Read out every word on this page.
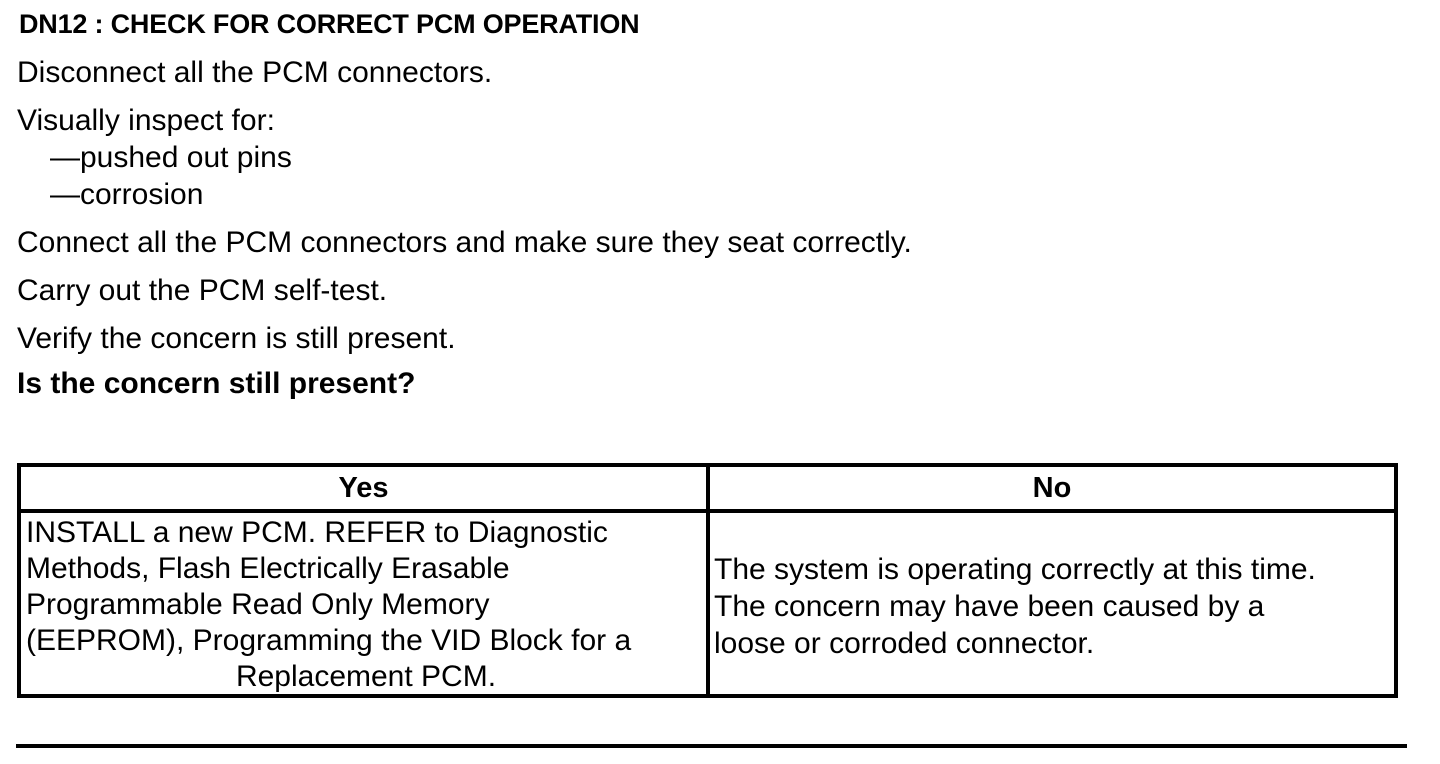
DN12 : CHECK FOR CORRECT PCM OPERATION
Disconnect all the PCM connectors.
Visually inspect for:
—pushed out pins
—corrosion
Connect all the PCM connectors and make sure they seat correctly.
Carry out the PCM self-test.
Verify the concern is still present.
Is the concern still present?
Yes	No
INSTALL a new PCM. REFER to Diagnostic
Methods, Flash Electrically Erasable
Programmable Read Only Memory
(EEPROM), Programming the VID Block for a
Replacement PCM.
The system is operating correctly at this time.
The concern may have been caused by a
loose or corroded connector.
